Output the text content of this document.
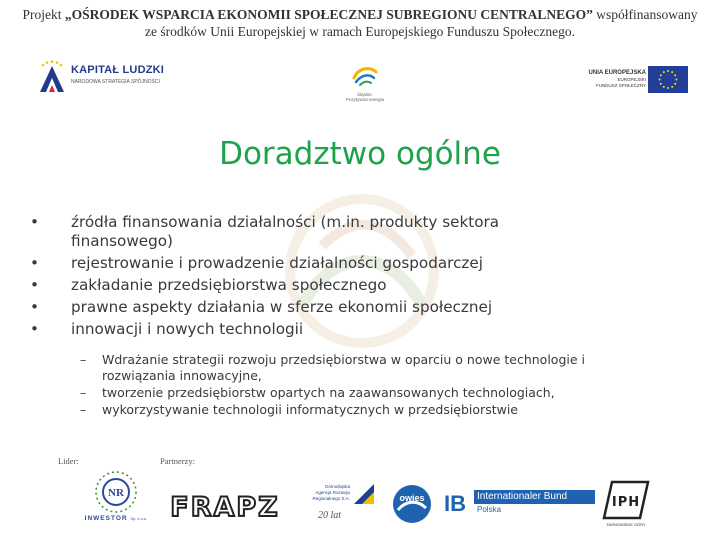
Projekt „OŚRODEK WSPARCIA EKONOMII SPOŁECZNEJ SUBREGIONU CENTRALNEGO” współfinansowany
ze środków Unii Europejskiej w ramach Europejskiego Funduszu Społecznego.
KAPITAŁ LUDZKI
NARODOWA STRATEGIA SPÓJNOŚCI
Śląskie.
Pozytywna energia
UNIA EUROPEJSKA
EUROPEJSKI
FUNDUSZ SPOŁECZNY
Doradztwo ogólne
• źródła finansowania działalności (m.in. produkty sektora finansowego)
• rejestrowanie i prowadzenie działalności gospodarczej
• zakładanie przedsiębiorstwa społecznego
• prawne aspekty działania w sferze ekonomii społecznej
• innowacji i nowych technologii
– Wdrażanie strategii rozwoju przedsiębiorstwa w oparciu o nowe technologie i rozwiązania innowacyjne,
– tworzenie przedsiębiorstw opartych na zaawansowanych technologiach,
– wykorzystywanie technologii informatycznych w przedsiębiorstwie
Lider:	Partnerzy:
NR
INWESTOR Sp. z o.o. FRAPZ
Górnośląska
Agencja Rozwoju
Regionalnego S.A.
20 lat
owies IB	Internationaler Bund
Polska	IPH
TARNOWSKIE GÓRY
